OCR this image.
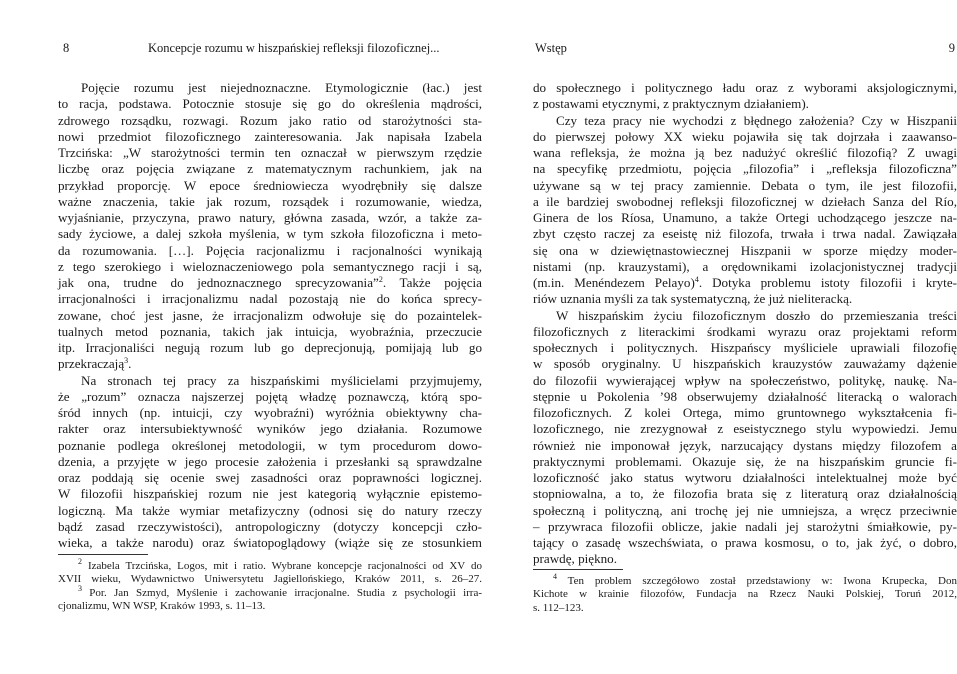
8	Koncepcje rozumu w hiszpańskiej refleksji filozoficznej...
Pojęcie rozumu jest niejednoznaczne. Etymologicznie (łac.) jest
to racja, podstawa. Potocznie stosuje się go do określenia mądrości,
zdrowego rozsądku, rozwagi. Rozum jako ratio od starożytności sta-
nowi przedmiot filozoficznego zainteresowania. Jak napisała Izabela
Trzcińska: „W starożytności termin ten oznaczał w pierwszym rzędzie
liczbę oraz pojęcia związane z matematycznym rachunkiem, jak na
przykład proporcję. W epoce średniowiecza wyodrębniły się dalsze
ważne znaczenia, takie jak rozum, rozsądek i rozumowanie, wiedza,
wyjaśnianie, przyczyna, prawo natury, główna zasada, wzór, a także za-
sady życiowe, a dalej szkoła myślenia, w tym szkoła filozoficzna i meto-
da rozumowania. […]. Pojęcia racjonalizmu i racjonalności wynikają
z tego szerokiego i wieloznaczeniowego pola semantycznego racji i są,
jak ona, trudne do jednoznacznego sprecyzowania”$^2$. Także pojęcia
irracjonalności i irracjonalizmu nadal pozostają nie do końca sprecy-
zowane, choć jest jasne, że irracjonalizm odwołuje się do pozaintelek-
tualnych metod poznania, takich jak intuicja, wyobraźnia, przeczucie
itp. Irracjonaliści negują rozum lub go deprecjonują, pomijają lub go
przekraczają$^3$.
Na stronach tej pracy za hiszpańskimi myślicielami przyjmujemy,
że „rozum” oznacza najszerzej pojętą władzę poznawczą, którą spo-
śród innych (np. intuicji, czy wyobraźni) wyróżnia obiektywny cha-
rakter oraz intersubiektywność wyników jego działania. Rozumowe
poznanie podlega określonej metodologii, w tym procedurom dowo-
dzenia, a przyjęte w jego procesie założenia i przesłanki są sprawdzalne
oraz poddają się ocenie swej zasadności oraz poprawności logicznej.
W filozofii hiszpańskiej rozum nie jest kategorią wyłącznie epistemo-
logiczną. Ma także wymiar metafizyczny (odnosi się do natury rzeczy
bądź zasad rzeczywistości), antropologiczny (dotyczy koncepcji czło-
wieka, a także narodu) oraz światopoglądowy (wiąże się ze stosunkiem
$^2$ Izabela Trzcińska, Logos, mit i ratio. Wybrane koncepcje racjonalności od XV do
XVII wieku, Wydawnictwo Uniwersytetu Jagiellońskiego, Kraków 2011, s. 26–27.
$^3$ Por. Jan Szmyd, Myślenie i zachowanie irracjonalne. Studia z psychologii irra-
cjonalizmu, WN WSP, Kraków 1993, s. 11–13.
Wstęp	9
do społecznego i politycznego ładu oraz z wyborami aksjologicznymi,
z postawami etycznymi, z praktycznym działaniem).
Czy teza pracy nie wychodzi z błędnego założenia? Czy w Hiszpanii
do pierwszej połowy XX wieku pojawiła się tak dojrzała i zaawanso-
wana refleksja, że można ją bez nadużyć określić filozofią? Z uwagi
na specyfikę przedmiotu, pojęcia „filozofia” i „refleksja filozoficzna”
używane są w tej pracy zamiennie. Debata o tym, ile jest filozofii,
a ile bardziej swobodnej refleksji filozoficznej w dziełach Sanza del Río,
Ginera de los Ríosa, Unamuno, a także Ortegi uchodzącego jeszcze na-
zbyt często raczej za eseistę niż filozofa, trwała i trwa nadal. Zawiązała
się ona w dziewiętnastowiecznej Hiszpanii w sporze między moder-
nistami (np. krauzystami), a orędownikami izolacjonistycznej tradycji
(m.in. Menéndezem Pelayo)$^4$. Dotyka problemu istoty filozofii i kryte-
riów uznania myśli za tak systematyczną, że już nieliteracką.
W hiszpańskim życiu filozoficznym doszło do przemieszania treści
filozoficznych z literackimi środkami wyrazu oraz projektami reform
społecznych i politycznych. Hiszpańscy myśliciele uprawiali filozofię
w sposób oryginalny. U hiszpańskich krauzystów zauważamy dążenie
do filozofii wywierającej wpływ na społeczeństwo, politykę, naukę. Na-
stępnie u Pokolenia ’98 obserwujemy działalność literacką o walorach
filozoficznych. Z kolei Ortega, mimo gruntownego wykształcenia fi-
lozoficznego, nie zrezygnował z eseistycznego stylu wypowiedzi. Jemu
również nie imponował język, narzucający dystans między filozofem a
praktycznymi problemami. Okazuje się, że na hiszpańskim gruncie fi-
lozoficzność jako status wytworu działalności intelektualnej może być
stopniowalna, a to, że filozofia brata się z literaturą oraz działalnością
społeczną i polityczną, ani trochę jej nie umniejsza, a wręcz przeciwnie
– przywraca filozofii oblicze, jakie nadali jej starożytni śmiałkowie, py-
tający o zasadę wszechświata, o prawa kosmosu, o to, jak żyć, o dobro,
prawdę, piękno.
$^4$ Ten problem szczegółowo został przedstawiony w: Iwona Krupecka, Don
Kichote w krainie filozofów, Fundacja na Rzecz Nauki Polskiej, Toruń 2012,
s. 112–123.
